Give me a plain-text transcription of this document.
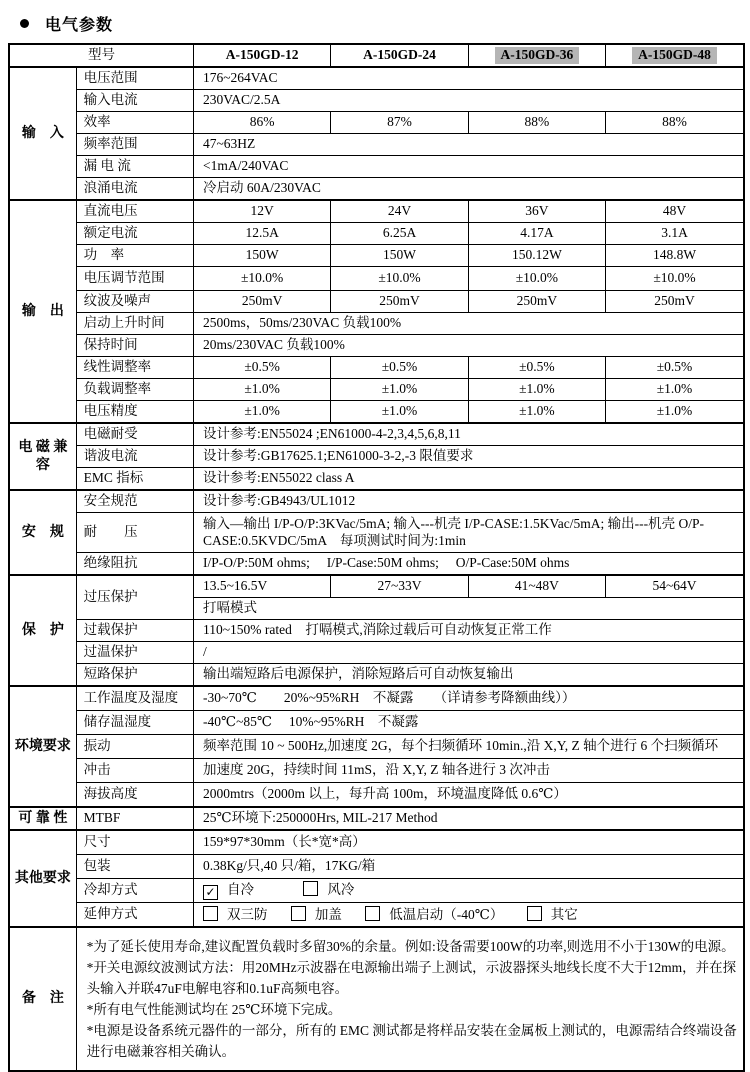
电气参数
型号		A-150GD-12	A-150GD-24	A-150GD-36	A-150GD-48
输　入	电压范围	176~264VAC			
	输入电流	230VAC/2.5A			
	效率	86%	87%	88%	88%
	频率范围	47~63HZ			
	漏 电 流	<1mA/240VAC			
	浪涌电流	冷启动 60A/230VAC			
输　出	直流电压	12V	24V	36V	48V
	额定电流	12.5A	6.25A	4.17A	3.1A
	功　率	150W	150W	150.12W	148.8W
	电压调节范围	±10.0%	±10.0%	±10.0%	±10.0%
	纹波及噪声	250mV	250mV	250mV	250mV
	启动上升时间	2500ms，50ms/230VAC 负载100%			
	保持时间	20ms/230VAC 负载100%			
	线性调整率	±0.5%	±0.5%	±0.5%	±0.5%
	负载调整率	±1.0%	±1.0%	±1.0%	±1.0%
	电压精度	±1.0%	±1.0%	±1.0%	±1.0%
电 磁 兼 容	电磁耐受	设计参考:EN55024 ;EN61000-4-2,3,4,5,6,8,11			
	谐波电流	设计参考:GB17625.1;EN61000-3-2,-3 限值要求			
	EMC 指标	设计参考:EN55022 class A			
安　规	安全规范	设计参考:GB4943/UL1012			
	耐　　压	输入—输出 I/P-O/P:3KVac/5mA; 输入---机壳 I/P-CASE:1.5KVac/5mA; 输出---机壳 O/P-CASE:0.5KVDC/5mA　每项测试时间为:1min			
	绝缘阻抗	I/P-O/P:50M ohms;　 I/P-Case:50M ohms;　 O/P-Case:50M ohms			
保　护	过压保护	13.5~16.5V	27~33V	41~48V	54~64V
		打嗝模式			
	过载保护	110~150% rated　打嗝模式,消除过载后可自动恢复正常工作			
	过温保护	/			
	短路保护	输出端短路后电源保护，消除短路后可自动恢复输出			
环境要求	工作温度及湿度	-30~70℃　　20%~95%RH　不凝露　　（详请参考降额曲线））			
	储存温湿度	-40℃~85℃　 10%~95%RH　不凝露			
	振动	频率范围 10 ~ 500Hz,加速度 2G，每个扫频循环 10min.,沿 X,Y, Z 轴个进行 6 个扫频循环			
	冲击	加速度 20G，持续时间 11mS，沿 X,Y, Z 轴各进行 3 次冲击			
	海拔高度	2000mtrs（2000m 以上，每升高 100m，环境温度降低 0.6℃）			
可 靠 性	MTBF	25℃环境下:250000Hrs, MIL-217 Method			
其他要求	尺寸	159*97*30mm（长*宽*高）			
	包装	0.38Kg/只,40 只/箱，17KG/箱			
	冷却方式	✓ 自冷 风冷			
	延伸方式	双三防 加盖 低温启动（-40℃） 其它			
备　注	*为了延长使用寿命,建议配置负载时多留30%的余量。例如:设备需要100W的功率,则选用不小于130W的电源。
*开关电源纹波测试方法：用20MHz示波器在电源输出端子上测试，示波器探头地线长度不大于12mm，并在探头输入并联47uF电解电容和0.1uF高频电容。
*所有电气性能测试均在 25℃环境下完成。
*电源是设备系统元器件的一部分，所有的 EMC 测试都是将样品安装在金属板上测试的，电源需结合终端设备进行电磁兼容相关确认。				
